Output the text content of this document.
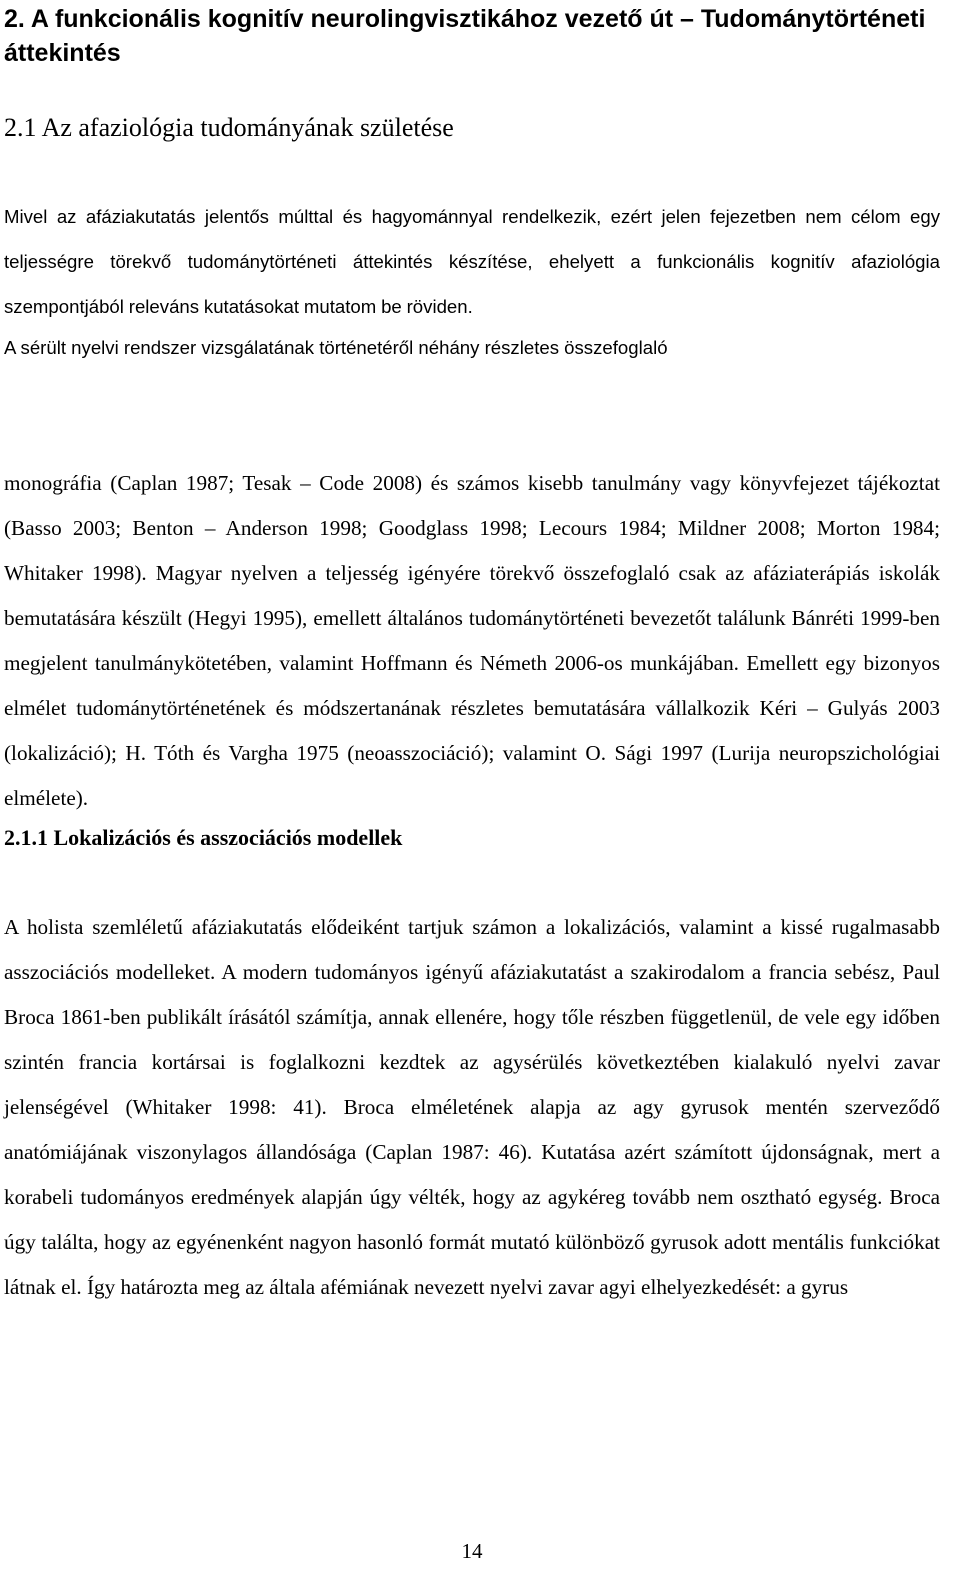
2. A funkcionális kognitív neurolingvisztikához vezető út – Tudománytörténeti áttekintés
2.1 Az afaziológia tudományának születése

Mivel az afáziakutatás jelentős múlttal és hagyománnyal rendelkezik, ezért jelen fejezetben nem célom egy teljességre törekvő tudománytörténeti áttekintés készítése, ehelyett a funkcionális kognitív afaziológia szempontjából releváns kutatásokat mutatom be röviden.

A sérült nyelvi rendszer vizsgálatának történetéről néhány részletes összefoglaló

monográfia (Caplan 1987; Tesak – Code 2008) és számos kisebb tanulmány vagy könyvfejezet tájékoztat (Basso 2003; Benton – Anderson 1998; Goodglass 1998; Lecours 1984; Mildner 2008; Morton 1984; Whitaker 1998). Magyar nyelven a teljesség igényére törekvő összefoglaló csak az afáziaterápiás iskolák bemutatására készült (Hegyi 1995), emellett általános tudománytörténeti bevezetőt találunk Bánréti 1999-ben megjelent tanulmánykötetében, valamint Hoffmann és Németh 2006-os munkájában. Emellett egy bizonyos elmélet tudománytörténetének és módszertanának részletes bemutatására vállalkozik Kéri – Gulyás 2003 (lokalizáció); H. Tóth és Vargha 1975 (neoasszociáció); valamint O. Sági 1997 (Lurija neuropszichológiai elmélete).

2.1.1 Lokalizációs és asszociációs modellek

A holista szemléletű afáziakutatás elődeiként tartjuk számon a lokalizációs, valamint a kissé rugalmasabb asszociációs modelleket. A modern tudományos igényű afáziakutatást a szakirodalom a francia sebész, Paul Broca 1861-ben publikált írásától számítja, annak ellenére, hogy tőle részben függetlenül, de vele egy időben szintén francia kortársai is foglalkozni kezdtek az agysérülés következtében kialakuló nyelvi zavar jelenségével (Whitaker 1998: 41). Broca elméletének alapja az agy gyrusok mentén szerveződő anatómiájának viszonylagos állandósága (Caplan 1987: 46). Kutatása azért számított újdonságnak, mert a korabeli tudományos eredmények alapján úgy vélték, hogy az agykéreg tovább nem osztható egység. Broca úgy találta, hogy az egyénenként nagyon hasonló formát mutató különböző gyrusok adott mentális funkciókat látnak el. Így határozta meg az általa afémiának nevezett nyelvi zavar agyi elhelyezkedését: a gyrus

14
